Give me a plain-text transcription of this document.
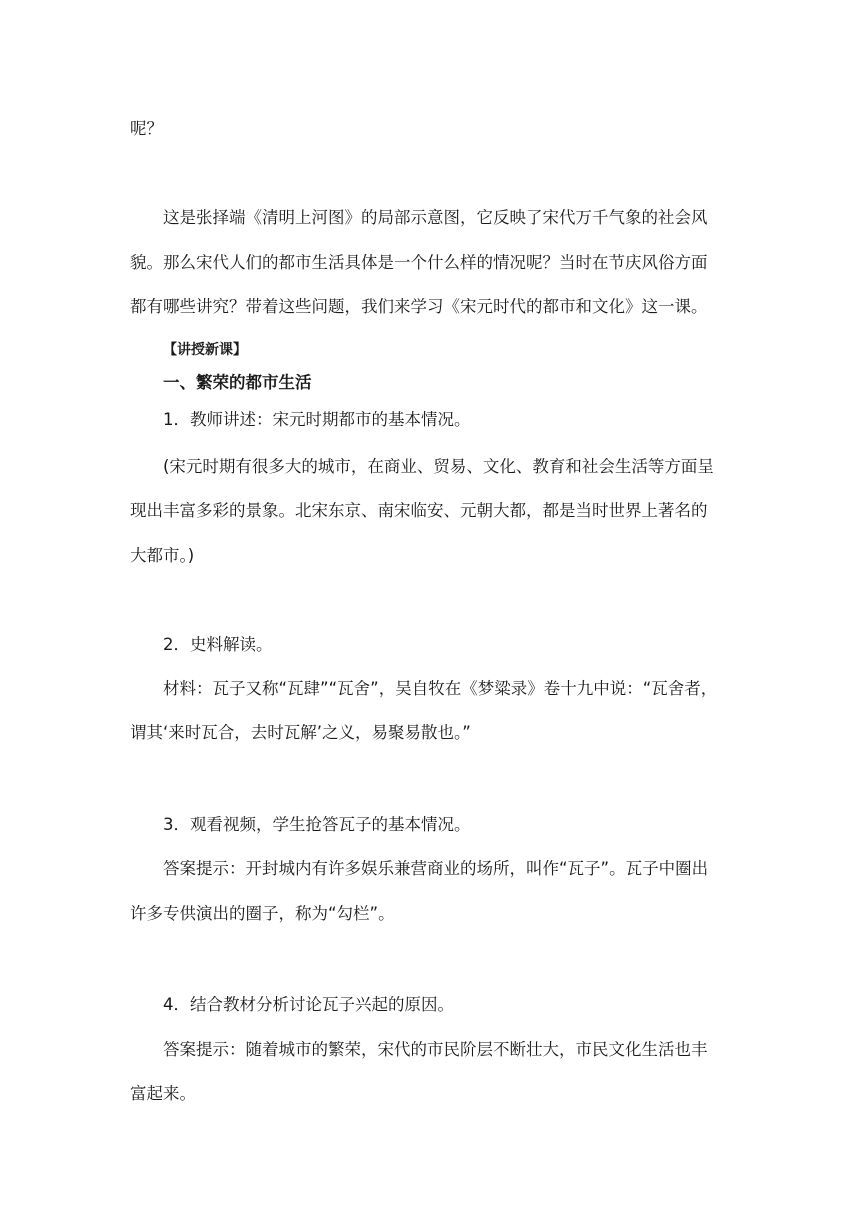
呢？
这是张择端《清明上河图》的局部示意图，它反映了宋代万千气象的社会风
貌。那么宋代人们的都市生活具体是一个什么样的情况呢？当时在节庆风俗方面
都有哪些讲究？带着这些问题，我们来学习《宋元时代的都市和文化》这一课。
【讲授新课】
一、繁荣的都市生活
1．教师讲述：宋元时期都市的基本情况。
(宋元时期有很多大的城市，在商业、贸易、文化、教育和社会生活等方面呈
现出丰富多彩的景象。北宋东京、南宋临安、元朝大都，都是当时世界上著名的
大都市。)
2．史料解读。
材料：瓦子又称“瓦肆”“瓦舍”，吴自牧在《梦粱录》卷十九中说：“瓦舍者，
谓其‘来时瓦合，去时瓦解’之义，易聚易散也。”
3．观看视频，学生抢答瓦子的基本情况。
答案提示：开封城内有许多娱乐兼营商业的场所，叫作“瓦子”。瓦子中圈出
许多专供演出的圈子，称为“勾栏”。
4．结合教材分析讨论瓦子兴起的原因。
答案提示：随着城市的繁荣，宋代的市民阶层不断壮大，市民文化生活也丰
富起来。
